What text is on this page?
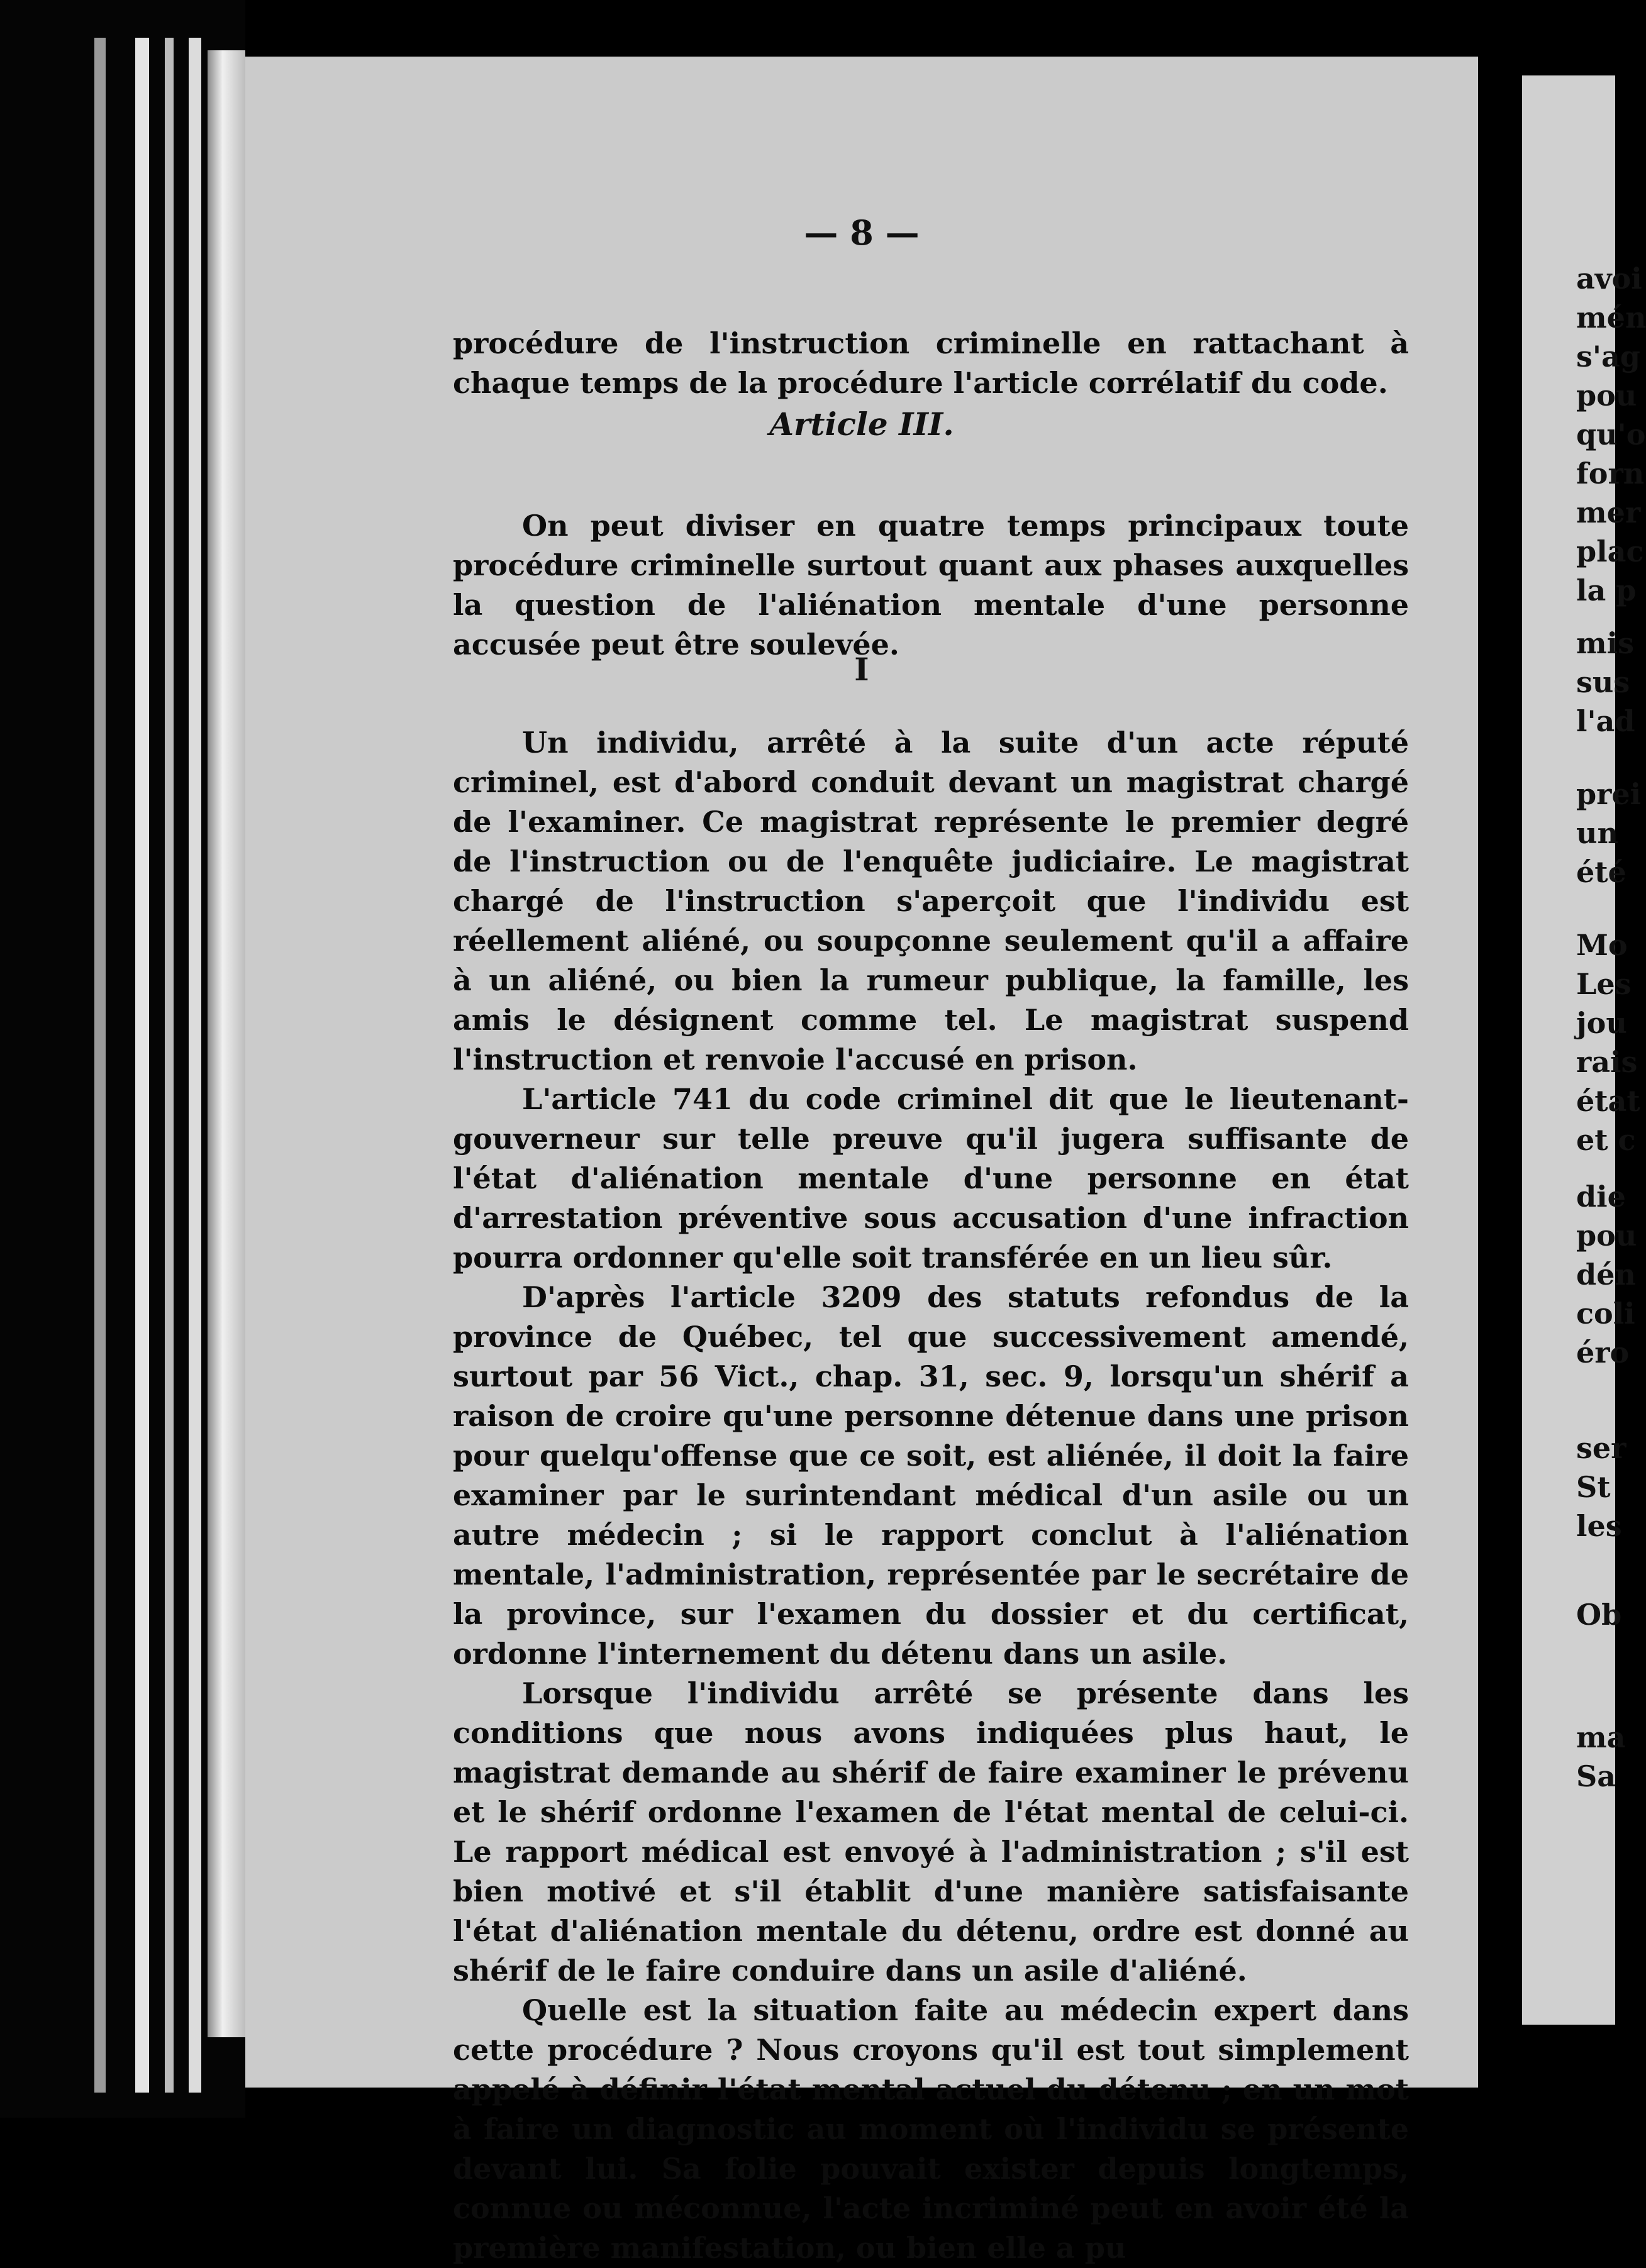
— 8 —

procédure de l'instruction criminelle en rattachant à chaque temps de la procédure l'article corrélatif du code.

Article III.

On peut diviser en quatre temps principaux toute procédure criminelle surtout quant aux phases auxquelles la question de l'aliénation mentale d'une personne accusée peut être soulevée.

I

Un individu, arrêté à la suite d'un acte réputé criminel, est d'abord conduit devant un magistrat chargé de l'examiner. Ce magistrat représente le premier degré de l'instruction ou de l'enquête judiciaire. Le magistrat chargé de l'instruction s'aperçoit que l'individu est réellement aliéné, ou soupçonne seulement qu'il a affaire à un aliéné, ou bien la rumeur publique, la famille, les amis le désignent comme tel. Le magistrat suspend l'instruction et renvoie l'accusé en prison.

L'article 741 du code criminel dit que le lieutenant-gouverneur sur telle preuve qu'il jugera suffisante de l'état d'aliénation mentale d'une personne en état d'arrestation préventive sous accusation d'une infraction pourra ordonner qu'elle soit transférée en un lieu sûr.

D'après l'article 3209 des statuts refondus de la province de Québec, tel que successivement amendé, surtout par 56 Vict., chap. 31, sec. 9, lorsqu'un shérif a raison de croire qu'une personne détenue dans une prison pour quelqu'offense que ce soit, est aliénée, il doit la faire examiner par le surintendant médical d'un asile ou un autre médecin ; si le rapport conclut à l'aliénation mentale, l'administration, représentée par le secrétaire de la province, sur l'examen du dossier et du certificat, ordonne l'internement du détenu dans un asile.

Lorsque l'individu arrêté se présente dans les conditions que nous avons indiquées plus haut, le magistrat demande au shérif de faire examiner le prévenu et le shérif ordonne l'examen de l'état mental de celui-ci. Le rapport médical est envoyé à l'administration ; s'il est bien motivé et s'il établit d'une manière satisfaisante l'état d'aliénation mentale du détenu, ordre est donné au shérif de le faire conduire dans un asile d'aliéné.

Quelle est la situation faite au médecin expert dans cette procédure ? Nous croyons qu'il est tout simplement appelé à définir l'état mental actuel du détenu ; en un mot à faire un diagnostic au moment où l'individu se présente devant lui. Sa folie pouvait exister depuis longtemps, connue ou méconnue, l'acte incriminé peut en avoir été la première manifestation, ou bien elle a pu

avoi
mén
s'ag
pou
qu'o
forn
mer
plac
la p
mis
sus
l'ad
prei
un
été
Mo
Les
jou
rais
état
et c
die
pou
dén
coli
éro
ser
St
les
Ob
ma
Sa
